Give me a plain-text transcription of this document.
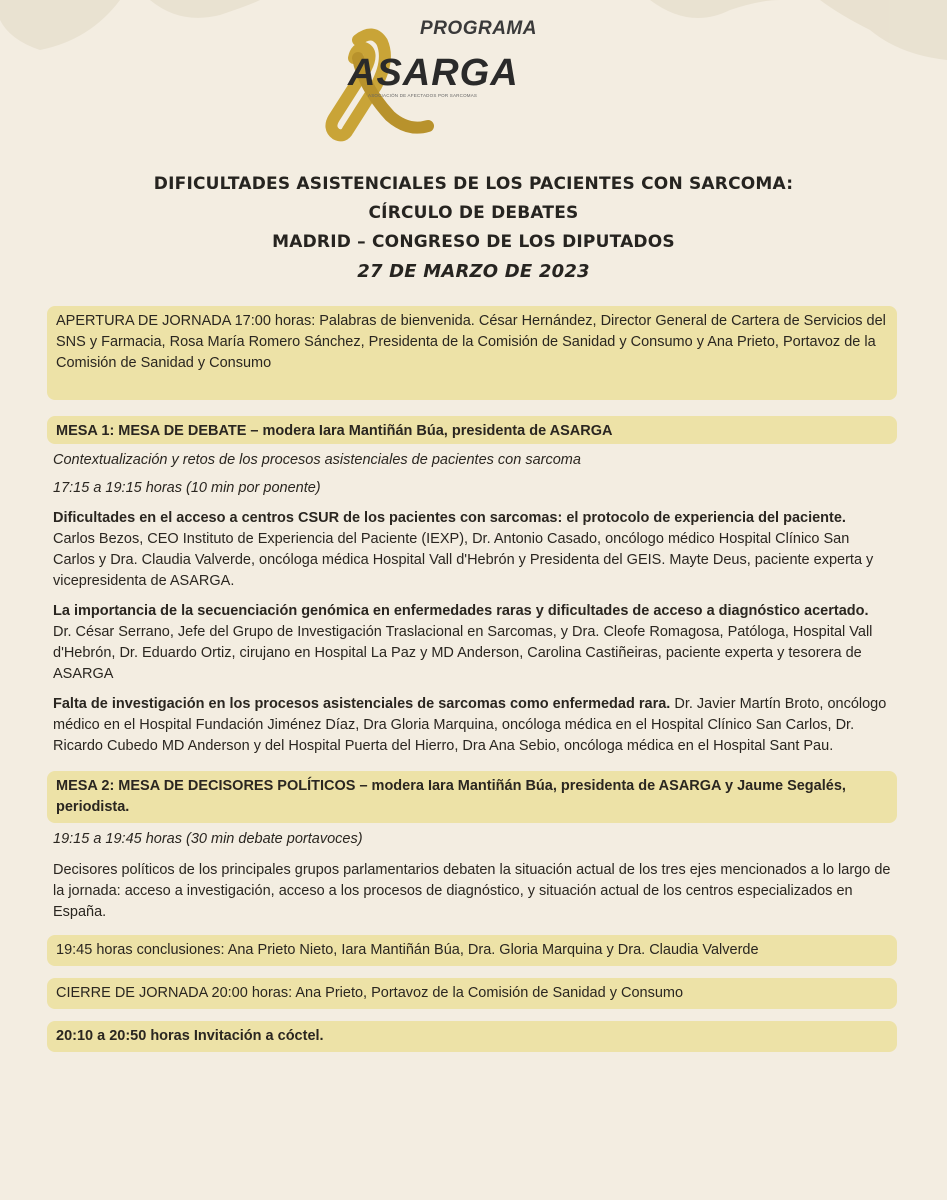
PROGRAMA
ASARGA
ASOCIACIÓN DE AFECTADOS POR SARCOMAS
DIFICULTADES ASISTENCIALES DE LOS PACIENTES CON SARCOMA:
CÍRCULO DE DEBATES
MADRID – CONGRESO DE LOS DIPUTADOS
27 DE MARZO DE 2023
APERTURA DE JORNADA 17:00 horas: Palabras de bienvenida. César Hernández, Director General de Cartera de Servicios del SNS y Farmacia, Rosa María Romero Sánchez, Presidenta de la Comisión de Sanidad y Consumo y Ana Prieto, Portavoz de la Comisión de Sanidad y Consumo
MESA 1: MESA DE DEBATE – modera Iara Mantiñán Búa, presidenta de ASARGA
Contextualización y retos de los procesos asistenciales de pacientes con sarcoma
17:15 a 19:15 horas (10 min por ponente)
Dificultades en el acceso a centros CSUR de los pacientes con sarcomas: el protocolo de experiencia del paciente. Carlos Bezos, CEO Instituto de Experiencia del Paciente (IEXP), Dr. Antonio Casado, oncólogo médico Hospital Clínico San Carlos y Dra. Claudia Valverde, oncóloga médica Hospital Vall d'Hebrón y Presidenta del GEIS. Mayte Deus, paciente experta y vicepresidenta de ASARGA.
La importancia de la secuenciación genómica en enfermedades raras y dificultades de acceso a diagnóstico acertado. Dr. César Serrano, Jefe del Grupo de Investigación Traslacional en Sarcomas, y Dra. Cleofe Romagosa, Patóloga, Hospital Vall d'Hebrón, Dr. Eduardo Ortiz, cirujano en Hospital La Paz y MD Anderson, Carolina Castiñeiras, paciente experta y tesorera de ASARGA
Falta de investigación en los procesos asistenciales de sarcomas como enfermedad rara. Dr. Javier Martín Broto, oncólogo médico en el Hospital Fundación Jiménez Díaz, Dra Gloria Marquina, oncóloga médica en el Hospital Clínico San Carlos, Dr. Ricardo Cubedo MD Anderson y del Hospital Puerta del Hierro, Dra Ana Sebio, oncóloga médica en el Hospital Sant Pau.
MESA 2: MESA DE DECISORES POLÍTICOS – modera Iara Mantiñán Búa, presidenta de ASARGA y Jaume Segalés, periodista.
19:15 a 19:45 horas (30 min debate portavoces)
Decisores políticos de los principales grupos parlamentarios debaten la situación actual de los tres ejes mencionados a lo largo de la jornada: acceso a investigación, acceso a los procesos de diagnóstico, y situación actual de los centros especializados en España.
19:45 horas conclusiones: Ana Prieto Nieto, Iara Mantiñán Búa, Dra. Gloria Marquina y Dra. Claudia Valverde
CIERRE DE JORNADA 20:00 horas: Ana Prieto, Portavoz de la Comisión de Sanidad y Consumo
20:10 a 20:50 horas Invitación a cóctel.
